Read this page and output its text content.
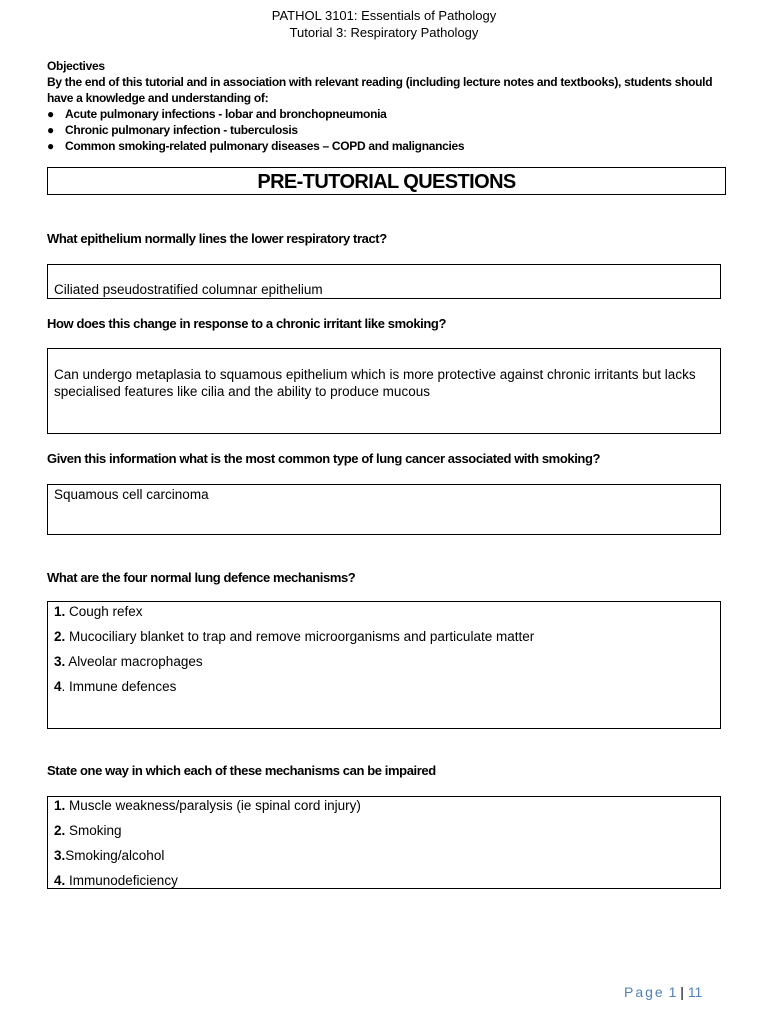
PATHOL 3101: Essentials of Pathology
Tutorial 3: Respiratory Pathology
Objectives
By the end of this tutorial and in association with relevant reading (including lecture notes and textbooks), students should have a knowledge and understanding of:
● Acute pulmonary infections - lobar and bronchopneumonia
● Chronic pulmonary infection - tuberculosis
● Common smoking-related pulmonary diseases – COPD and malignancies
PRE-TUTORIAL QUESTIONS
What epithelium normally lines the lower respiratory tract?
Ciliated pseudostratified columnar epithelium
How does this change in response to a chronic irritant like smoking?
Can undergo metaplasia to squamous epithelium which is more protective against chronic irritants but lacks specialised features like cilia and the ability to produce mucous
Given this information what is the most common type of lung cancer associated with smoking?
Squamous cell carcinoma
What are the four normal lung defence mechanisms?
1. Cough refex
2. Mucociliary blanket to trap and remove microorganisms and particulate matter
3. Alveolar macrophages
4. Immune defences
State one way in which each of these mechanisms can be impaired
1. Muscle weakness/paralysis (ie spinal cord injury)
2. Smoking
3.Smoking/alcohol
4. Immunodeficiency
Page 1 | 11
